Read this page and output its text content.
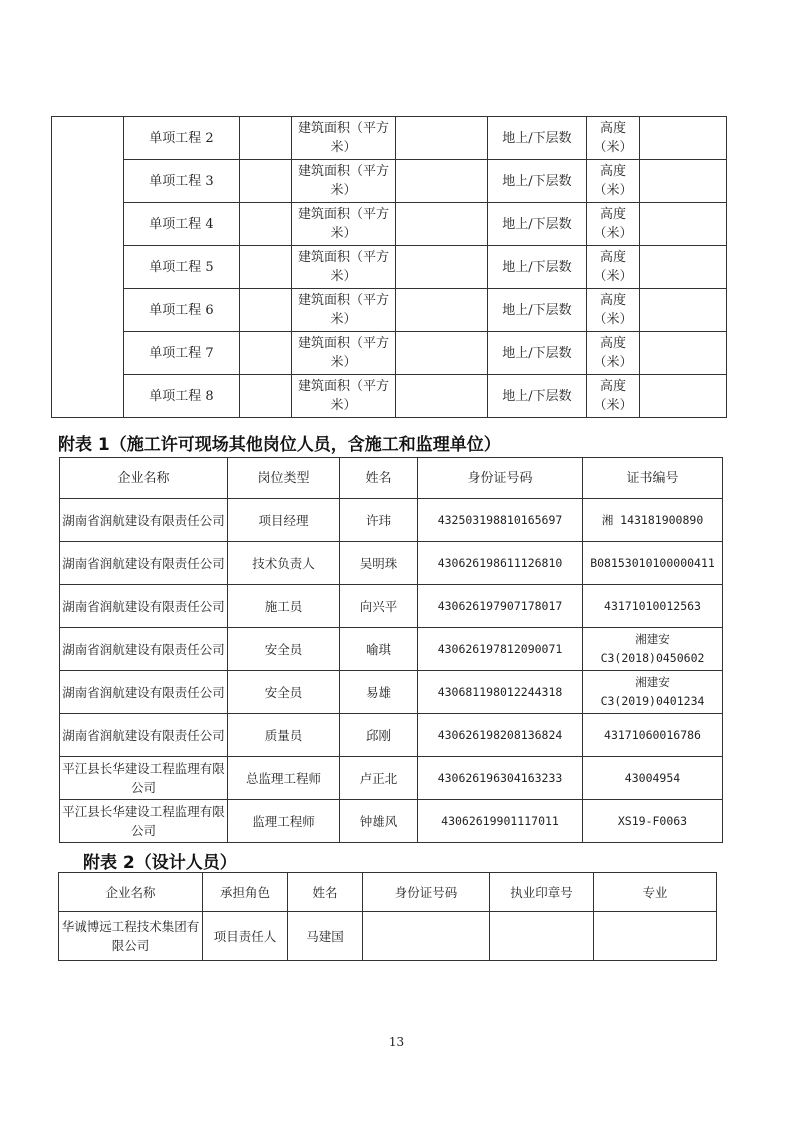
	单项工程 2		建筑面积（平方米）		地上/下层数	高度（米）	
	单项工程 3		建筑面积（平方米）		地上/下层数	高度（米）	
	单项工程 4		建筑面积（平方米）		地上/下层数	高度（米）	
	单项工程 5		建筑面积（平方米）		地上/下层数	高度（米）	
	单项工程 6		建筑面积（平方米）		地上/下层数	高度（米）	
	单项工程 7		建筑面积（平方米）		地上/下层数	高度（米）	
	单项工程 8		建筑面积（平方米）		地上/下层数	高度（米）	
附表 1（施工许可现场其他岗位人员，含施工和监理单位）
企业名称	岗位类型	姓名	身份证号码	证书编号
湖南省润航建设有限责任公司	项目经理	许玮	432503198810165697	湘 143181900890
湖南省润航建设有限责任公司	技术负责人	吴明珠	430626198611126810	B08153010100000411
湖南省润航建设有限责任公司	施工员	向兴平	430626197907178017	43171010012563
湖南省润航建设有限责任公司	安全员	喻琪	430626197812090071	湘建安C3(2018)0450602
湖南省润航建设有限责任公司	安全员	易雄	430681198012244318	湘建安C3(2019)0401234
湖南省润航建设有限责任公司	质量员	邱刚	430626198208136824	43171060016786
平江县长华建设工程监理有限公司	总监理工程师	卢正北	430626196304163233	43004954
平江县长华建设工程监理有限公司	监理工程师	钟雄风	43062619901117011	XS19-F0063
附表 2（设计人员）
企业名称	承担角色	姓名	身份证号码	执业印章号	专业
华诚博远工程技术集团有限公司	项目责任人	马建国			
13
